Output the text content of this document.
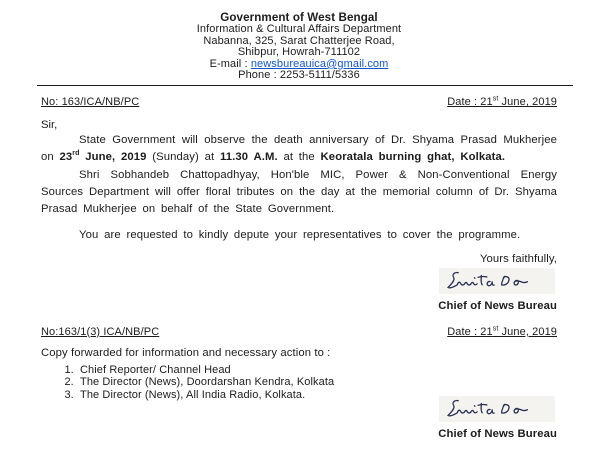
Government of West Bengal
Information & Cultural Affairs Department
Nabanna, 325, Sarat Chatterjee Road,
Shibpur, Howrah-711102
E-mail : newsbureauica@gmail.com
Phone : 2253-5111/5336
No: 163/ICA/NB/PC	Date : 21st June, 2019
Sir,

State Government will observe the death anniversary of Dr. Shyama Prasad Mukherjee on 23rd June, 2019 (Sunday) at 11.30 A.M. at the Keoratala burning ghat, Kolkata.

Shri Sobhandeb Chattopadhyay, Hon'ble MIC, Power & Non-Conventional Energy Sources Department will offer floral tributes on the day at the memorial column of Dr. Shyama Prasad Mukherjee on behalf of the State Government.

You are requested to kindly depute your representatives to cover the programme.

Yours faithfully,
Chief of News Bureau
No:163/1(3) ICA/NB/PC	Date : 21st June, 2019
Copy forwarded for information and necessary action to :
1. Chief Reporter/ Channel Head
2. The Director (News), Doordarshan Kendra, Kolkata
3. The Director (News), All India Radio, Kolkata.
Chief of News Bureau
